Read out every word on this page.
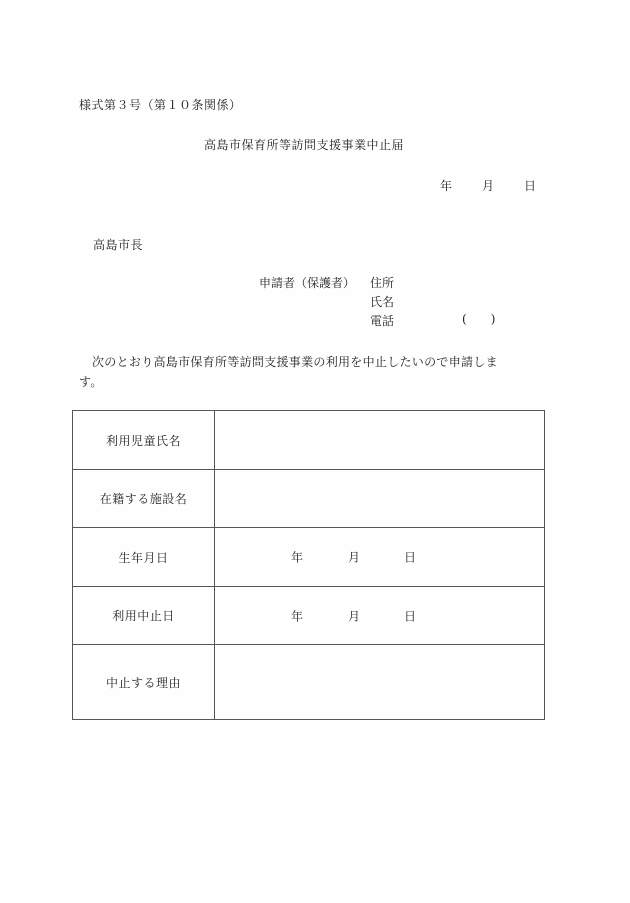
様式第３号（第１０条関係）
高島市保育所等訪問支援事業中止届
年	月	日
高島市長
申請者（保護者） 住所
氏名
電話	( )
次のとおり高島市保育所等訪問支援事業の利用を中止したいので申請しま
す。
利用児童氏名	
在籍する施設名	
生年月日	年 月 日

利用中止日	年 月 日

中止する理由	
